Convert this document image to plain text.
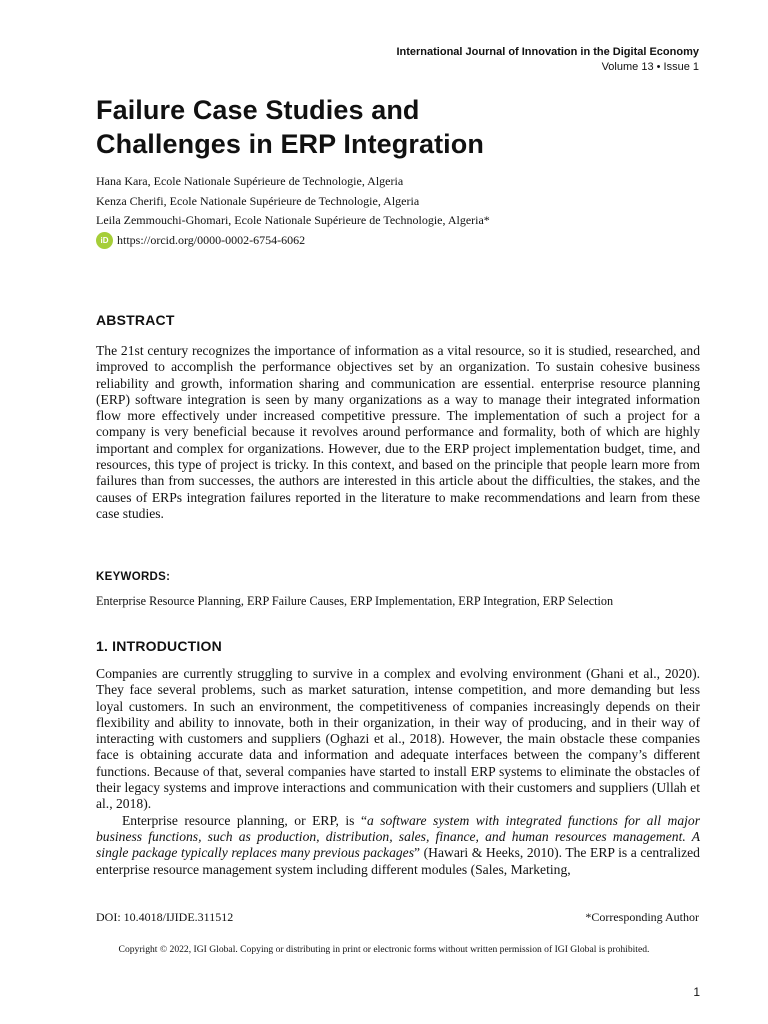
International Journal of Innovation in the Digital Economy
Volume 13 • Issue 1
Failure Case Studies and
Challenges in ERP Integration
Hana Kara, Ecole Nationale Supérieure de Technologie, Algeria
Kenza Cherifi, Ecole Nationale Supérieure de Technologie, Algeria
Leila Zemmouchi-Ghomari, Ecole Nationale Supérieure de Technologie, Algeria*
iD https://orcid.org/0000-0002-6754-6062
ABSTRACT

The 21st century recognizes the importance of information as a vital resource, so it is studied, researched, and improved to accomplish the performance objectives set by an organization. To sustain cohesive business reliability and growth, information sharing and communication are essential. enterprise resource planning (ERP) software integration is seen by many organizations as a way to manage their integrated information flow more effectively under increased competitive pressure. The implementation of such a project for a company is very beneficial because it revolves around performance and formality, both of which are highly important and complex for organizations. However, due to the ERP project implementation budget, time, and resources, this type of project is tricky. In this context, and based on the principle that people learn more from failures than from successes, the authors are interested in this article about the difficulties, the stakes, and the causes of ERPs integration failures reported in the literature to make recommendations and learn from these case studies.

KEYWORDS:

Enterprise Resource Planning, ERP Failure Causes, ERP Implementation, ERP Integration, ERP Selection

1. INTRODUCTION

Companies are currently struggling to survive in a complex and evolving environment (Ghani et al., 2020). They face several problems, such as market saturation, intense competition, and more demanding but less loyal customers. In such an environment, the competitiveness of companies increasingly depends on their flexibility and ability to innovate, both in their organization, in their way of producing, and in their way of interacting with customers and suppliers (Oghazi et al., 2018). However, the main obstacle these companies face is obtaining accurate data and information and adequate interfaces between the company’s different functions. Because of that, several companies have started to install ERP systems to eliminate the obstacles of their legacy systems and improve interactions and communication with their customers and suppliers (Ullah et al., 2018).

Enterprise resource planning, or ERP, is “a software system with integrated functions for all major business functions, such as production, distribution, sales, finance, and human resources management. A single package typically replaces many previous packages” (Hawari & Heeks, 2010). The ERP is a centralized enterprise resource management system including different modules (Sales, Marketing,

DOI: 10.4018/IJIDE.311512	*Corresponding Author
Copyright © 2022, IGI Global. Copying or distributing in print or electronic forms without written permission of IGI Global is prohibited.
1
